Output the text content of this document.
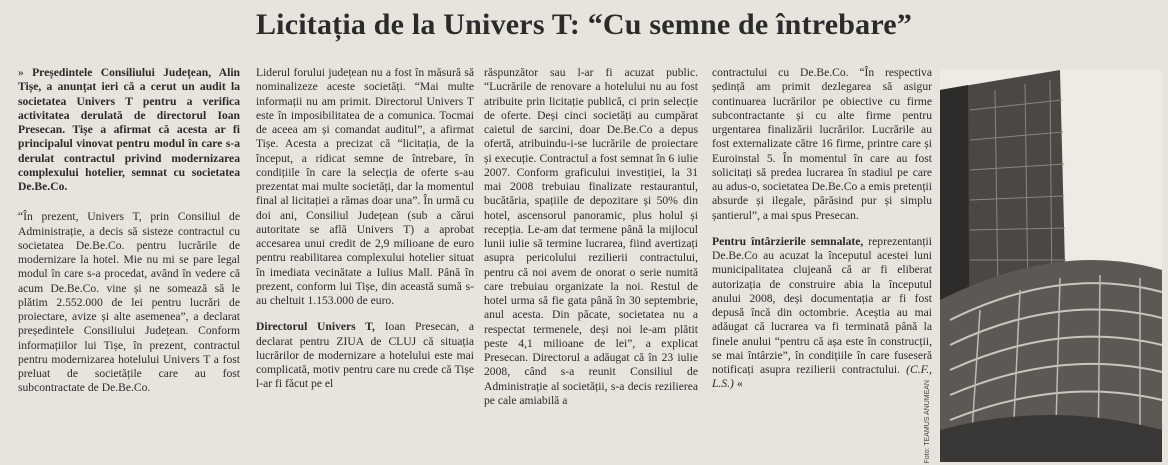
Licitația de la Univers T: “Cu semne de întrebare”

» Președintele Consiliului Județean, Alin Tișe, a anunțat ieri că a cerut un audit la societatea Univers T pentru a verifica activitatea derulată de directorul Ioan Presecan. Tișe a afirmat că acesta ar fi principalul vinovat pentru modul în care s-a derulat contractul privind modernizarea complexului hotelier, semnat cu societatea De.Be.Co.

“În prezent, Univers T, prin Consiliul de Administrație, a decis să sisteze contractul cu societatea De.Be.Co. pentru lucrările de modernizare la hotel. Mie nu mi se pare legal modul în care s-a procedat, având în vedere că acum De.Be.Co. vine și ne somează să le plătim 2.552.000 de lei pentru lucrări de proiectare, avize și alte asemenea”, a declarat președintele Consiliului Județean. Conform informațiilor lui Tișe, în prezent, contractul pentru modernizarea hotelului Univers T a fost preluat de societățile care au fost subcontractate de De.Be.Co.

Liderul forului județean nu a fost în măsură să nominalizeze aceste societăți. “Mai multe informații nu am primit. Directorul Univers T este în imposibilitatea de a comunica. Tocmai de aceea am și comandat auditul”, a afirmat Tișe. Acesta a precizat că “licitația, de la început, a ridicat semne de întrebare, în condițiile în care la selecția de oferte s-au prezentat mai multe societăți, dar la momentul final al licitației a rămas doar una”. În urmă cu doi ani, Consiliul Județean (sub a cărui autoritate se află Univers T) a aprobat accesarea unui credit de 2,9 milioane de euro pentru reabilitarea complexului hotelier situat în imediata vecinătate a Iulius Mall. Până în prezent, conform lui Tișe, din această sumă s-au cheltuit 1.153.000 de euro.

Directorul Univers T, Ioan Presecan, a declarat pentru ZIUA de CLUJ că situația lucrărilor de modernizare a hotelului este mai complicată, motiv pentru care nu crede că Tișe l-ar fi făcut pe el

răspunzător sau l-ar fi acuzat public. “Lucrările de renovare a hotelului nu au fost atribuite prin licitație publică, ci prin selecție de oferte. Deși cinci societăți au cumpărat caietul de sarcini, doar De.Be.Co a depus ofertă, atribuindu-i-se lucrările de proiectare și execuție. Contractul a fost semnat în 6 iulie 2007. Conform graficului investiției, la 31 mai 2008 trebuiau finalizate restaurantul, bucătăria, spațiile de depozitare și 50% din hotel, ascensorul panoramic, plus holul și recepția. Le-am dat termene până la mijlocul lunii iulie să termine lucrarea, fiind avertizați asupra pericolului rezilierii contractului, pentru că noi avem de onorat o serie numită care trebuiau organizate la noi. Restul de hotel urma să fie gata până în 30 septembrie, anul acesta. Din păcate, societatea nu a respectat termenele, deși noi le-am plătit peste 4,1 milioane de lei”, a explicat Presecan. Directorul a adăugat că în 23 iulie 2008, când s-a reunit Consiliul de Administrație al societății, s-a decis rezilierea pe cale amiabilă a

contractului cu De.Be.Co. “În respectiva ședință am primit dezlegarea să asigur continuarea lucrărilor pe obiective cu firme subcontractante și cu alte firme pentru urgentarea finalizării lucrărilor. Lucrările au fost externalizate către 16 firme, printre care și Euroinstal 5. În momentul în care au fost solicitați să predea lucrarea în stadiul pe care au adus-o, societatea De.Be.Co a emis pretenții absurde și ilegale, părăsind pur și simplu șantierul”, a mai spus Presecan.

Pentru întârzierile semnalate, reprezentanții De.Be.Co au acuzat la începutul acestei luni municipalitatea clujeană că ar fi eliberat autorizația de construire abia la începutul anului 2008, deși documentația ar fi fost depusă încă din octombrie. Aceștia au mai adăugat că lucrarea va fi terminată până la finele anului “pentru că așa este în construcții, se mai întârzie”, în condițiile în care fuseseră notificați asupra rezilierii contractului. (C.F., L.S.) «	Foto: TEAMUS ANUMEAN
